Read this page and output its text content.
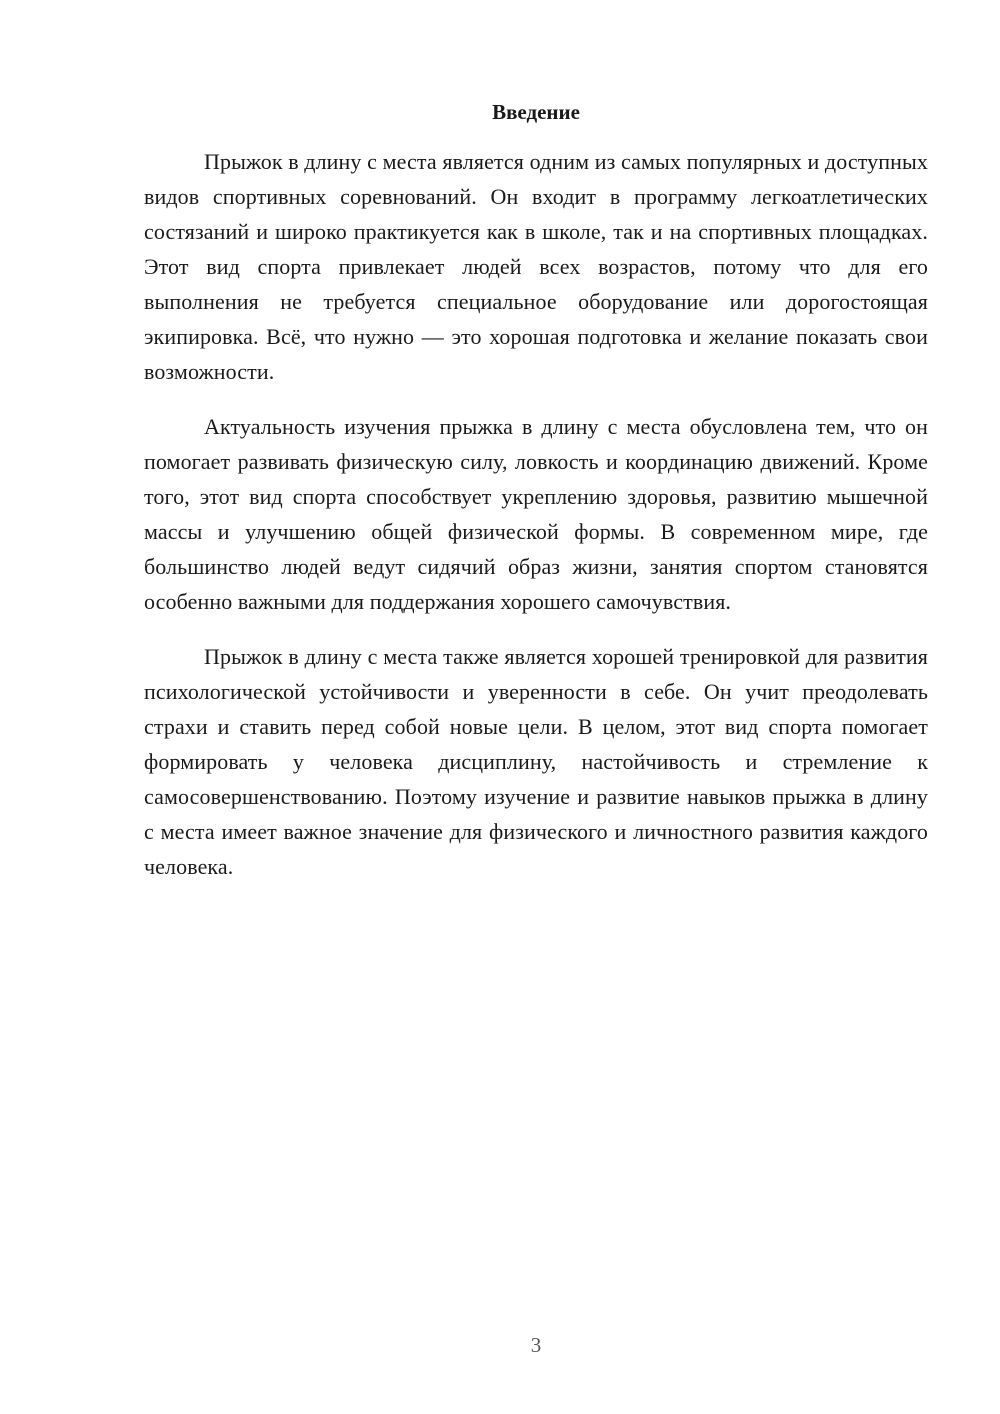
Введение

Прыжок в длину с места является одним из самых популярных и доступных видов спортивных соревнований. Он входит в программу легкоатлетических состязаний и широко практикуется как в школе, так и на спортивных площадках. Этот вид спорта привлекает людей всех возрастов, потому что для его выполнения не требуется специальное оборудование или дорогостоящая экипировка. Всё, что нужно — это хорошая подготовка и желание показать свои возможности.

Актуальность изучения прыжка в длину с места обусловлена тем, что он помогает развивать физическую силу, ловкость и координацию движений. Кроме того, этот вид спорта способствует укреплению здоровья, развитию мышечной массы и улучшению общей физической формы. В современном мире, где большинство людей ведут сидячий образ жизни, занятия спортом становятся особенно важными для поддержания хорошего самочувствия.

Прыжок в длину с места также является хорошей тренировкой для развития психологической устойчивости и уверенности в себе. Он учит преодолевать страхи и ставить перед собой новые цели. В целом, этот вид спорта помогает формировать у человека дисциплину, настойчивость и стремление к самосовершенствованию. Поэтому изучение и развитие навыков прыжка в длину с места имеет важное значение для физического и личностного развития каждого человека.

3
